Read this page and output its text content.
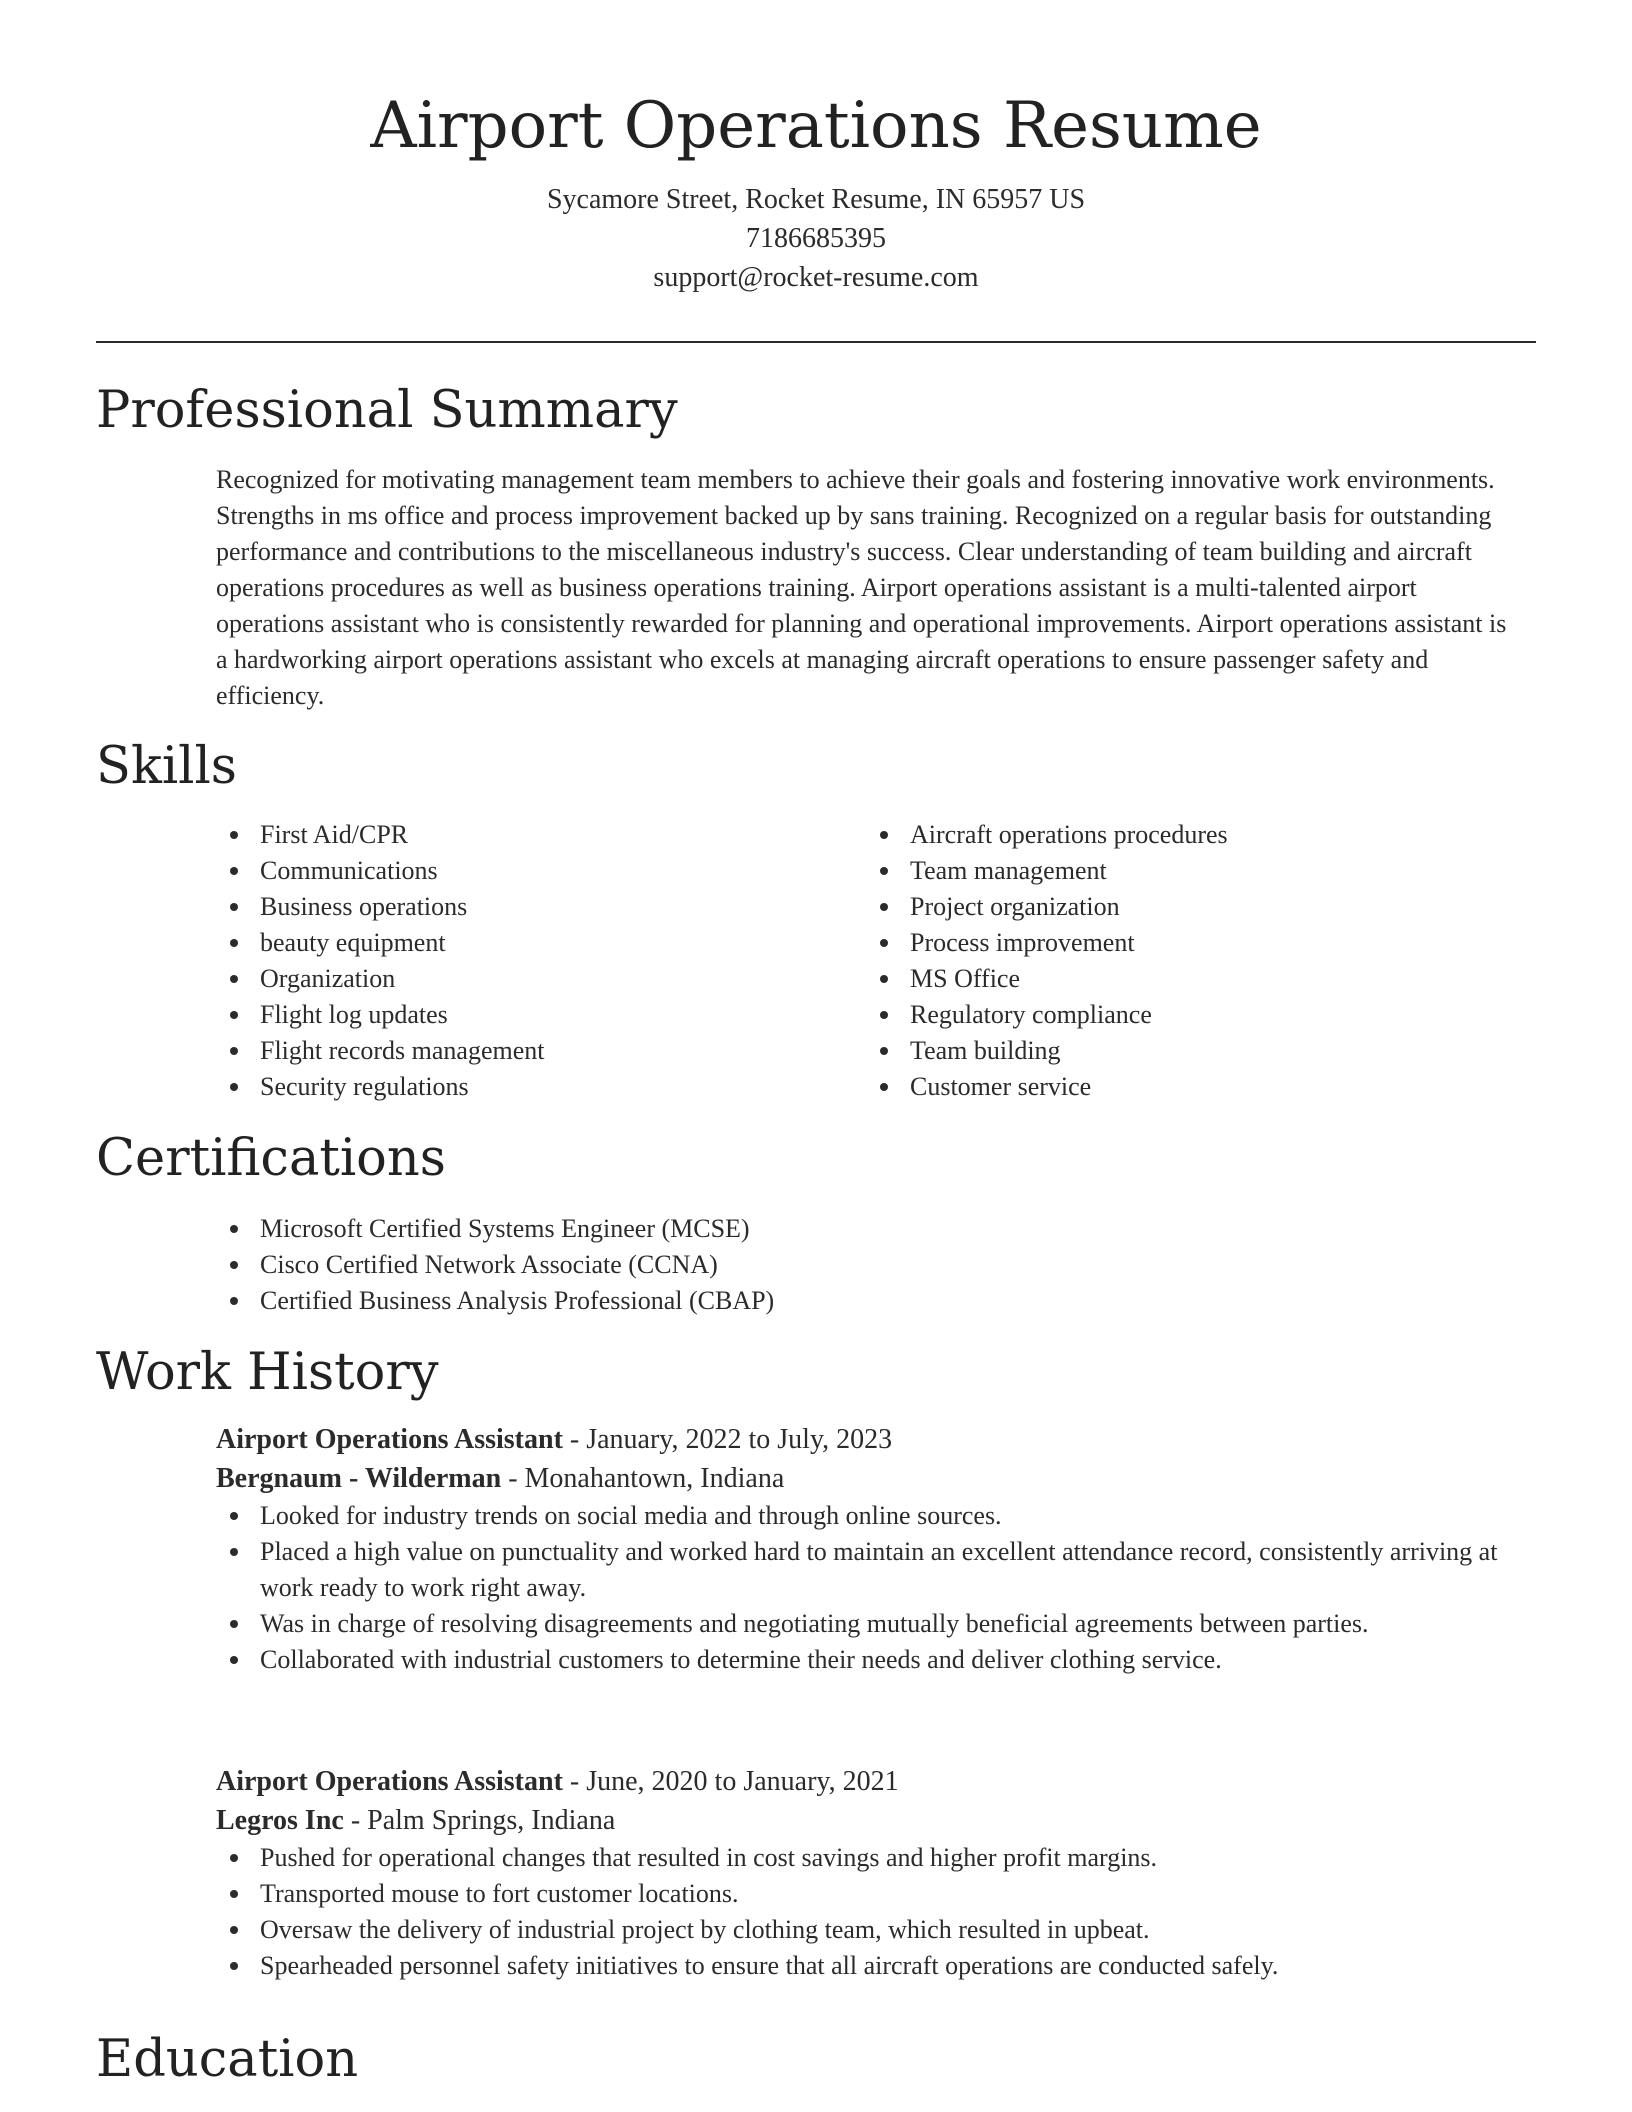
Airport Operations Resume
Sycamore Street, Rocket Resume, IN 65957 US
7186685395
support@rocket-resume.com
Professional Summary

Recognized for motivating management team members to achieve their goals and fostering innovative work environments. Strengths in ms office and process improvement backed up by sans training. Recognized on a regular basis for outstanding performance and contributions to the miscellaneous industry's success. Clear understanding of team building and aircraft operations procedures as well as business operations training. Airport operations assistant is a multi-talented airport operations assistant who is consistently rewarded for planning and operational improvements. Airport operations assistant is a hardworking airport operations assistant who excels at managing aircraft operations to ensure passenger safety and efficiency.

Skills
First Aid/CPR
Communications
Business operations
beauty equipment
Organization
Flight log updates
Flight records management
Security regulations
Aircraft operations procedures
Team management
Project organization
Process improvement
MS Office
Regulatory compliance
Team building
Customer service
Certifications
Microsoft Certified Systems Engineer (MCSE)
Cisco Certified Network Associate (CCNA)
Certified Business Analysis Professional (CBAP)
Work History
Airport Operations Assistant - January, 2022 to July, 2023
Bergnaum - Wilderman - Monahantown, Indiana
Looked for industry trends on social media and through online sources.
Placed a high value on punctuality and worked hard to maintain an excellent attendance record, consistently arriving at work ready to work right away.
Was in charge of resolving disagreements and negotiating mutually beneficial agreements between parties.
Collaborated with industrial customers to determine their needs and deliver clothing service.
Airport Operations Assistant - June, 2020 to January, 2021
Legros Inc - Palm Springs, Indiana
Pushed for operational changes that resulted in cost savings and higher profit margins.
Transported mouse to fort customer locations.
Oversaw the delivery of industrial project by clothing team, which resulted in upbeat.
Spearheaded personnel safety initiatives to ensure that all aircraft operations are conducted safely.
Education
